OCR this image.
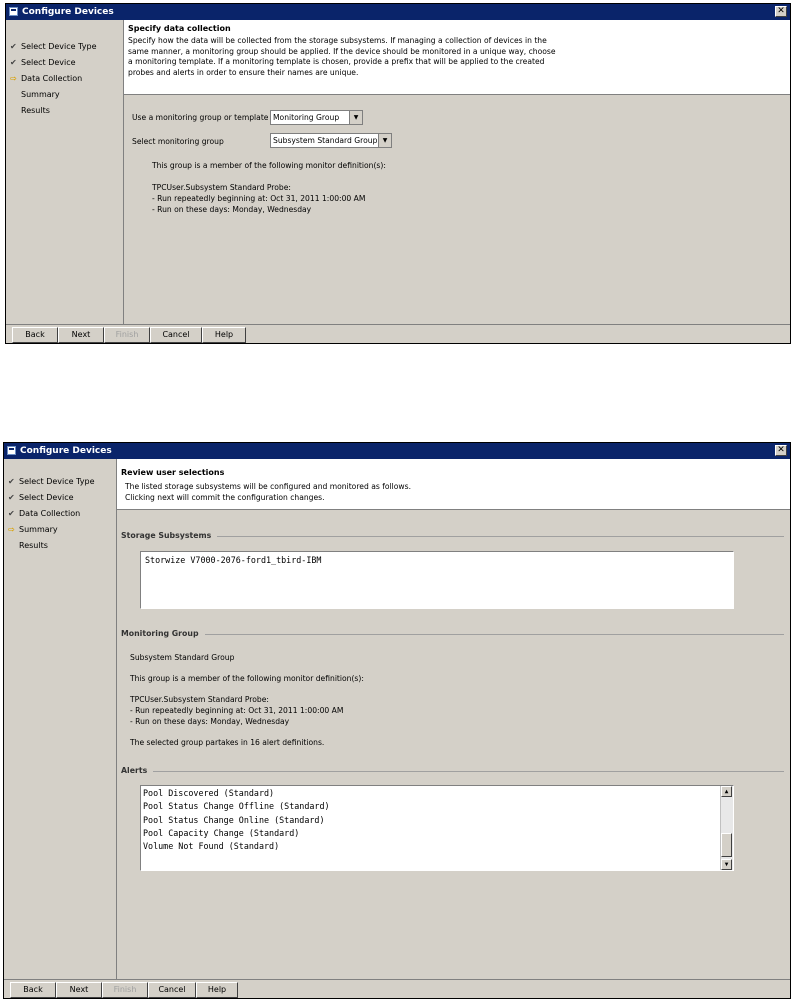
Configure Devices	✕
✔ Select Device Type
✔ Select Device
⇨ Data Collection
Summary
Results
Specify data collection
Specify how the data will be collected from the storage subsystems. If managing a collection of devices in the same manner, a monitoring group should be applied. If the device should be monitored in a unique way, choose a monitoring template. If a monitoring template is chosen, provide a prefix that will be applied to the created probes and alerts in order to ensure their names are unique.
Use a monitoring group or template Monitoring Group	▼
Select monitoring group	Subsystem Standard Group ▼
This group is a member of the following monitor definition(s):
TPCUser.Subsystem Standard Probe:
- Run repeatedly beginning at: Oct 31, 2011 1:00:00 AM
- Run on these days: Monday, Wednesday
Back	Next	Finish	Cancel	Help
Configure Devices	✕
✔ Select Device Type
✔ Select Device
✔ Data Collection
⇨ Summary
Results
Review user selections
The listed storage subsystems will be configured and monitored as follows.
Clicking next will commit the configuration changes.
Storage Subsystems
Storwize V7000-2076-ford1_tbird-IBM
Monitoring Group
Subsystem Standard Group
This group is a member of the following monitor definition(s):
TPCUser.Subsystem Standard Probe:
- Run repeatedly beginning at: Oct 31, 2011 1:00:00 AM
- Run on these days: Monday, Wednesday
The selected group partakes in 16 alert definitions.
Alerts
Pool Discovered (Standard)
Pool Status Change Offline (Standard)
Pool Status Change Online (Standard)
Pool Capacity Change (Standard)
Volume Not Found (Standard)
▲
▼
Back	Next	Finish	Cancel	Help
